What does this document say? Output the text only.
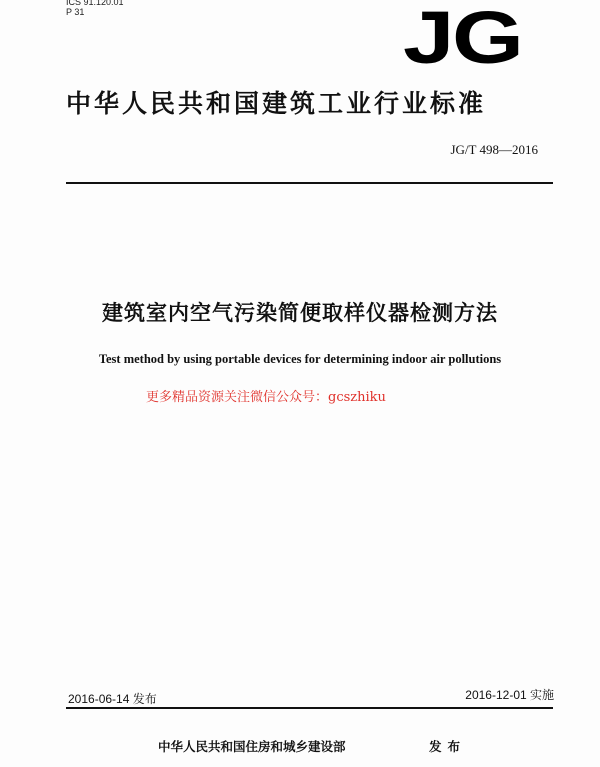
ICS 91.120.01
P 31	JG
中华人民共和国建筑工业行业标准
JG/T 498—2016
建筑室内空气污染简便取样仪器检测方法
Test method by using portable devices for determining indoor air pollutions
更多精品资源关注微信公众号：gcszhiku
2016-06-14 发布	2016-12-01 实施
中华人民共和国住房和城乡建设部	发布
